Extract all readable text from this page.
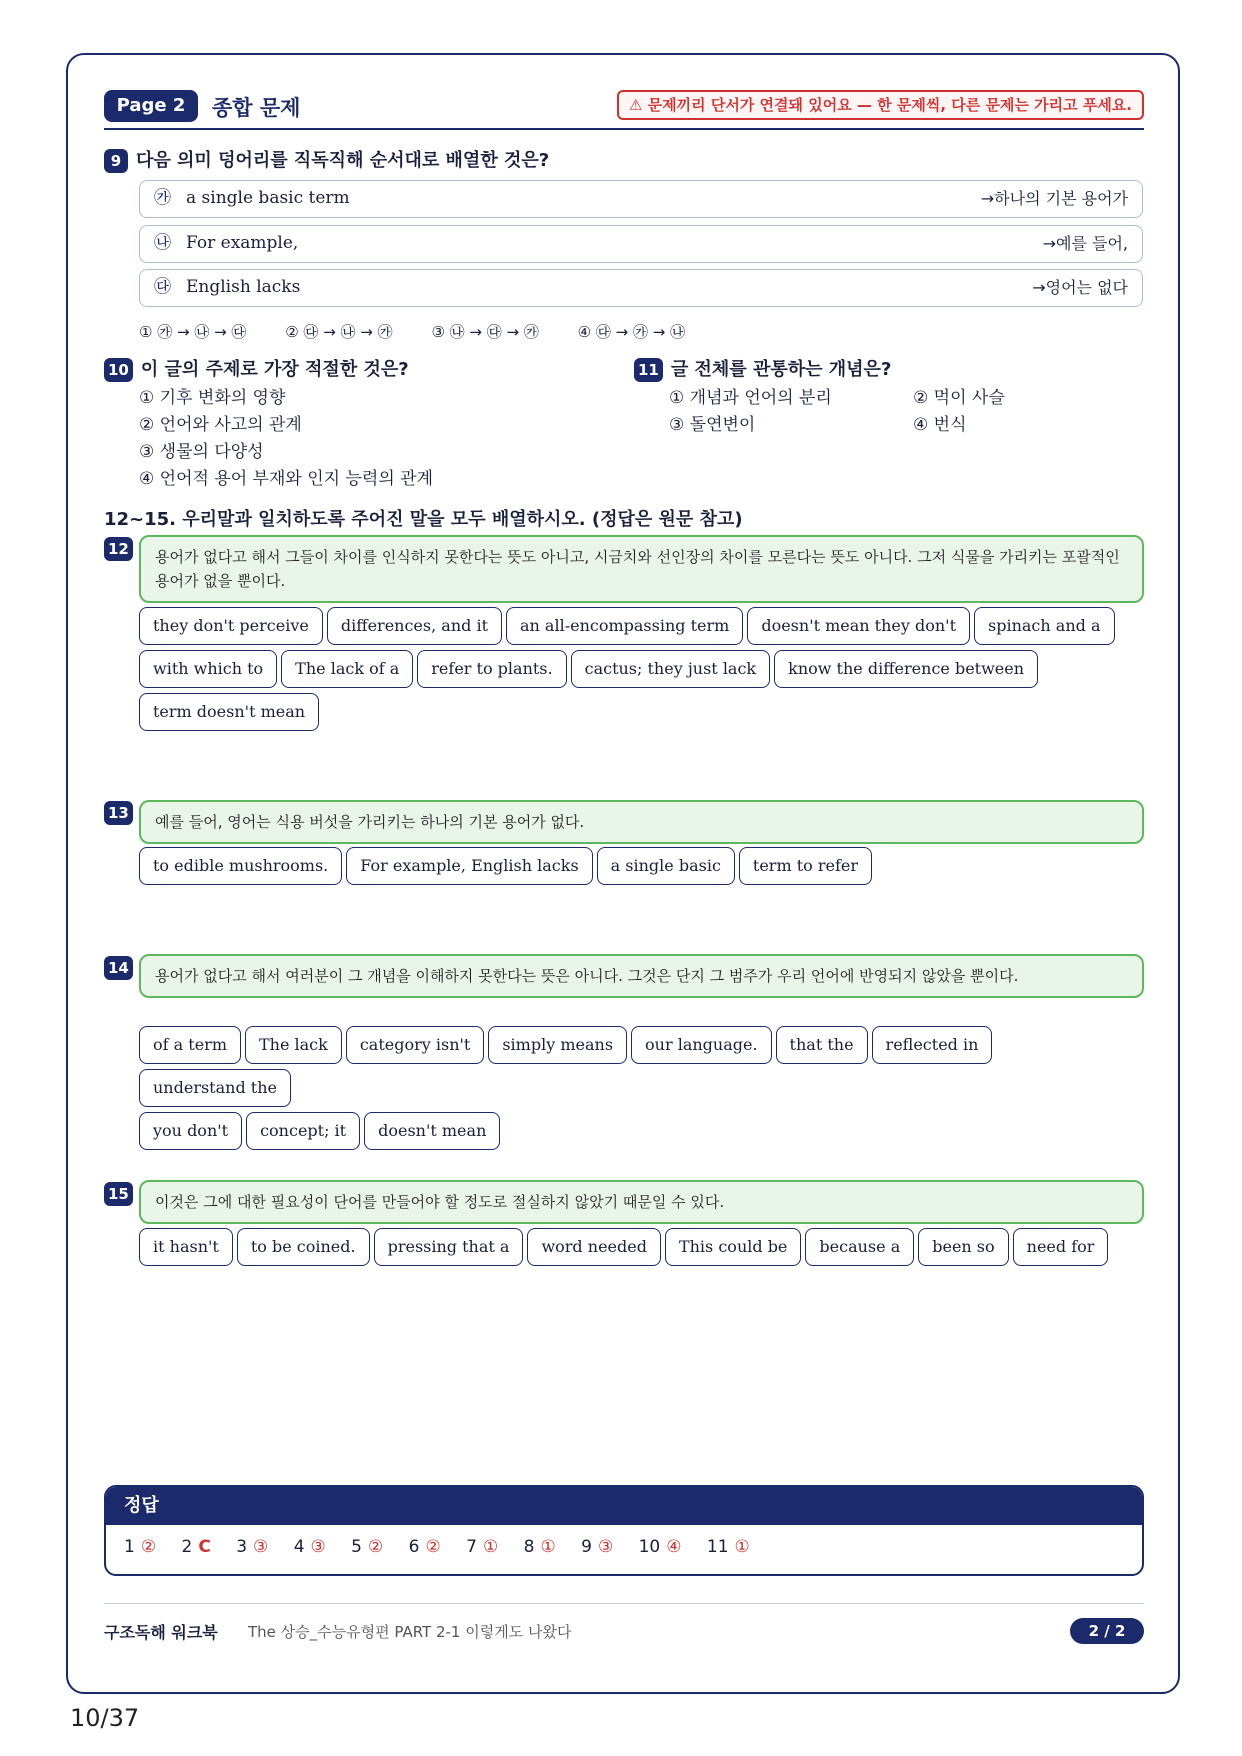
Page 2	종합 문제	⚠ 문제끼리 단서가 연결돼 있어요 — 한 문제씩, 다른 문제는 가리고 푸세요.
9 다음 의미 덩어리를 직독직해 순서대로 배열한 것은?
㉮ a single basic term	→하나의 기본 용어가
㉯ For example,	→예를 들어,
㉰ English lacks	→영어는 없다
① ㉮ → ㉯ → ㉰	② ㉰ → ㉯ → ㉮	③ ㉯ → ㉰ → ㉮	④ ㉰ → ㉮ → ㉯
10 이 글의 주제로 가장 적절한 것은?
① 기후 변화의 영향
② 언어와 사고의 관계
③ 생물의 다양성
④ 언어적 용어 부재와 인지 능력의 관계
11 글 전체를 관통하는 개념은?
① 개념과 언어의 분리
③ 돌연변이
② 먹이 사슬
④ 번식
12~15. 우리말과 일치하도록 주어진 말을 모두 배열하시오. (정답은 원문 참고)
12	용어가 없다고 해서 그들이 차이를 인식하지 못한다는 뜻도 아니고, 시금치와 선인장의 차이를 모른다는 뜻도 아니다. 그저 식물을 가리키는 포괄적인 용어가 없을 뿐이다.
they don't perceive differences, and it an all-encompassing term doesn't mean they don't spinach and a
with which to The lack of a refer to plants. cactus; they just lack know the difference between
term doesn't mean
13	예를 들어, 영어는 식용 버섯을 가리키는 하나의 기본 용어가 없다.
to edible mushrooms. For example, English lacks a single basic term to refer
14	용어가 없다고 해서 여러분이 그 개념을 이해하지 못한다는 뜻은 아니다. 그것은 단지 그 범주가 우리 언어에 반영되지 않았을 뿐이다.
of a term The lack category isn't simply means our language. that the reflected inunderstand the
you don't concept; it doesn't mean
15	이것은 그에 대한 필요성이 단어를 만들어야 할 정도로 절실하지 않았기 때문일 수 있다.
it hasn't to be coined. pressing that a word needed This could be because a been so need for
정답
1 ② 2 C 3 ③ 4 ③ 5 ② 6 ② 7 ① 8 ① 9 ③ 10 ④ 11 ①
구조독해 워크북 The 상승_수능유형편 PART 2-1 이렇게도 나왔다	2 / 2
10/37
